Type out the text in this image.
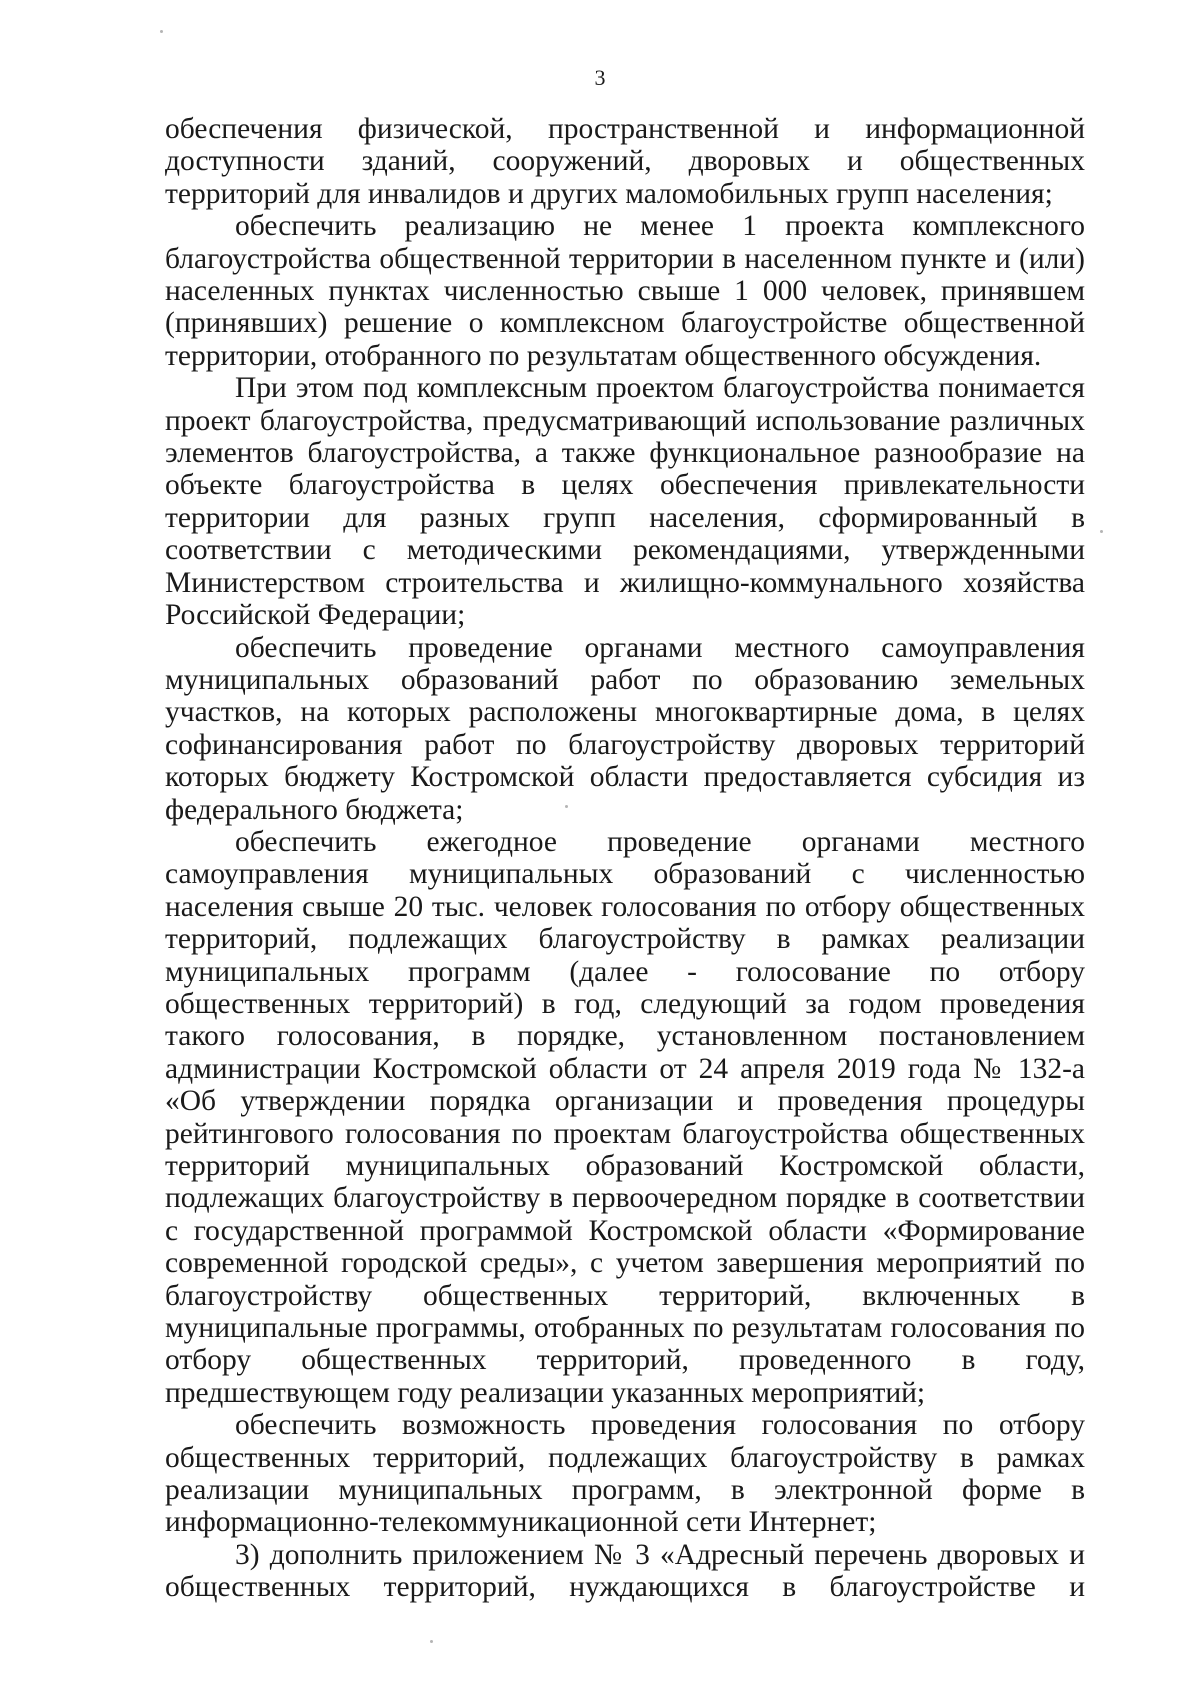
3

обеспечения физической, пространственной и информационной доступности зданий, сооружений, дворовых и общественных территорий для инвалидов и других маломобильных групп населения;

обеспечить реализацию не менее 1 проекта комплексного благоустройства общественной территории в населенном пункте и (или) населенных пунктах численностью свыше 1 000 человек, принявшем (принявших) решение о комплексном благоустройстве общественной территории, отобранного по результатам общественного обсуждения.

При этом под комплексным проектом благоустройства понимается проект благоустройства, предусматривающий использование различных элементов благоустройства, а также функциональное разнообразие на объекте благоустройства в целях обеспечения привлекательности территории для разных групп населения, сформированный в соответствии с методическими рекомендациями, утвержденными Министерством строительства и жилищно-коммунального хозяйства Российской Федерации;

обеспечить проведение органами местного самоуправления муниципальных образований работ по образованию земельных участков, на которых расположены многоквартирные дома, в целях софинансирования работ по благоустройству дворовых территорий которых бюджету Костромской области предоставляется субсидия из федерального бюджета;

обеспечить ежегодное проведение органами местного самоуправления муниципальных образований с численностью населения свыше 20 тыс. человек голосования по отбору общественных территорий, подлежащих благоустройству в рамках реализации муниципальных программ (далее - голосование по отбору общественных территорий) в год, следующий за годом проведения такого голосования, в порядке, установленном постановлением администрации Костромской области от 24 апреля 2019 года № 132-а «Об утверждении порядка организации и проведения процедуры рейтингового голосования по проектам благоустройства общественных территорий муниципальных образований Костромской области, подлежащих благоустройству в первоочередном порядке в соответствии с государственной программой Костромской области «Формирование современной городской среды», с учетом завершения мероприятий по благоустройству общественных территорий, включенных в муниципальные программы, отобранных по результатам голосования по отбору общественных территорий, проведенного в году, предшествующем году реализации указанных мероприятий;

обеспечить возможность проведения голосования по отбору общественных территорий, подлежащих благоустройству в рамках реализации муниципальных программ, в электронной форме в информационно-телекоммуникационной сети Интернет;

3) дополнить приложением № 3 «Адресный перечень дворовых и общественных территорий, нуждающихся в благоустройстве и
